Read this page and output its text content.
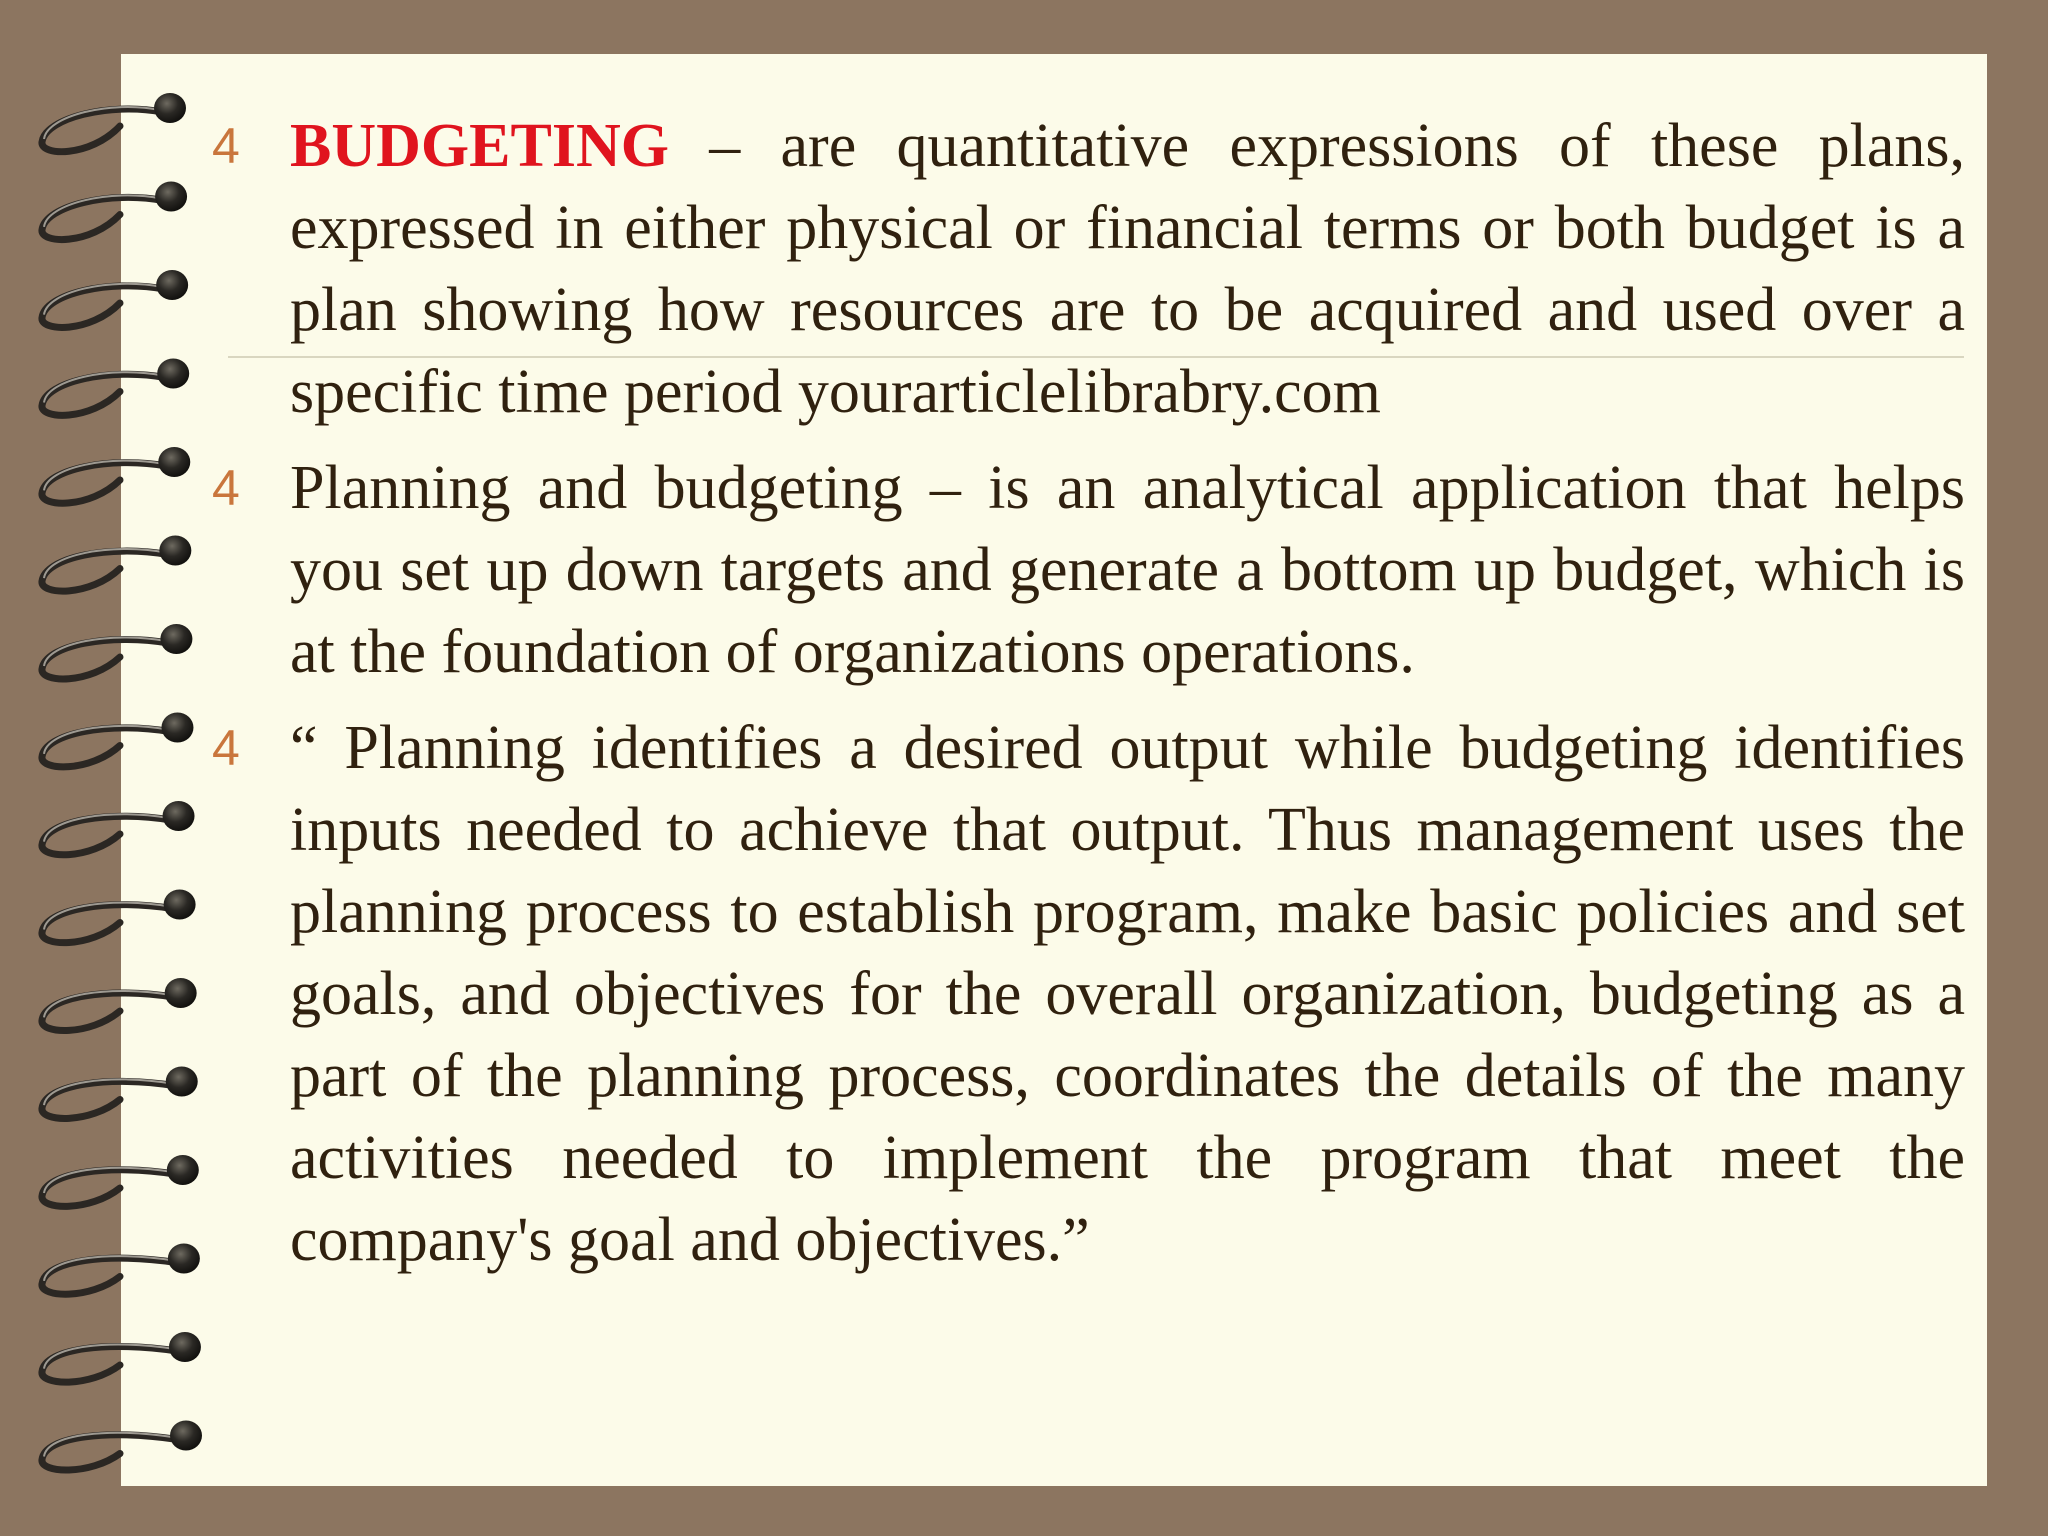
4 BUDGETING – are quantitative expressions of these plans, expressed in either physical or financial terms or both budget is a plan showing how resources are to be acquired and used over a specific time period yourarticlelibrabry.com
4 Planning and budgeting – is an analytical application that helps you set up down targets and generate a bottom up budget, which is at the foundation of organizations operations.
4 “ Planning identifies a desired output while budgeting identifies inputs needed to achieve that output. Thus management uses the planning process to establish program, make basic policies and set goals, and objectives for the overall organization, budgeting as a part of the planning process, coordinates the details of the many activities needed to implement the program that meet the company's goal and objectives.”
